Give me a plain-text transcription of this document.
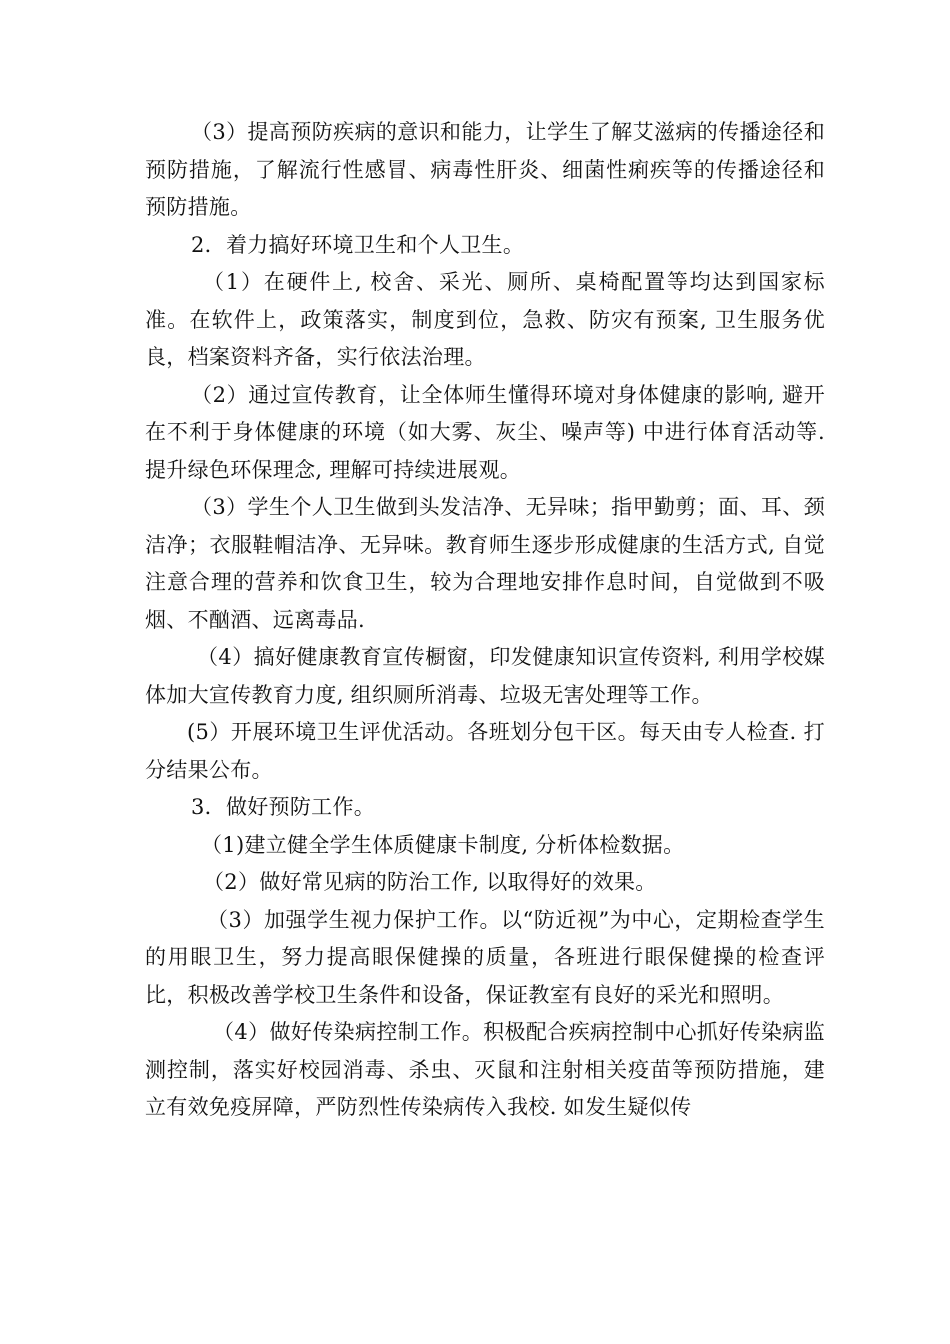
（3）提高预防疾病的意识和能力，让学生了解艾滋病的传播途径和预防措施，了解流行性感冒、病毒性肝炎、细菌性痢疾等的传播途径和预防措施。

2．着力搞好环境卫生和个人卫生。

（1）在硬件上, 校舍、采光、厕所、桌椅配置等均达到国家标准。在软件上，政策落实，制度到位，急救、防灾有预案, 卫生服务优良，档案资料齐备，实行依法治理。

（2）通过宣传教育，让全体师生懂得环境对身体健康的影响, 避开在不利于身体健康的环境（如大雾、灰尘、噪声等) 中进行体育活动等. 提升绿色环保理念, 理解可持续进展观。

（3）学生个人卫生做到头发洁净、无异味；指甲勤剪；面、耳、颈洁净；衣服鞋帽洁净、无异味。教育师生逐步形成健康的生活方式, 自觉注意合理的营养和饮食卫生，较为合理地安排作息时间，自觉做到不吸烟、不酗酒、远离毒品.

（4）搞好健康教育宣传橱窗，印发健康知识宣传资料, 利用学校媒体加大宣传教育力度, 组织厕所消毒、垃圾无害处理等工作。

(5）开展环境卫生评优活动。各班划分包干区。每天由专人检查. 打分结果公布。

3．做好预防工作。

（1)建立健全学生体质健康卡制度, 分析体检数据。

（2）做好常见病的防治工作, 以取得好的效果。

（3）加强学生视力保护工作。以“防近视”为中心，定期检查学生的用眼卫生，努力提高眼保健操的质量，各班进行眼保健操的检查评比，积极改善学校卫生条件和设备，保证教室有良好的采光和照明。

（4）做好传染病控制工作。积极配合疾病控制中心抓好传染病监测控制，落实好校园消毒、杀虫、灭鼠和注射相关疫苗等预防措施，建立有效免疫屏障，严防烈性传染病传入我校. 如发生疑似传
